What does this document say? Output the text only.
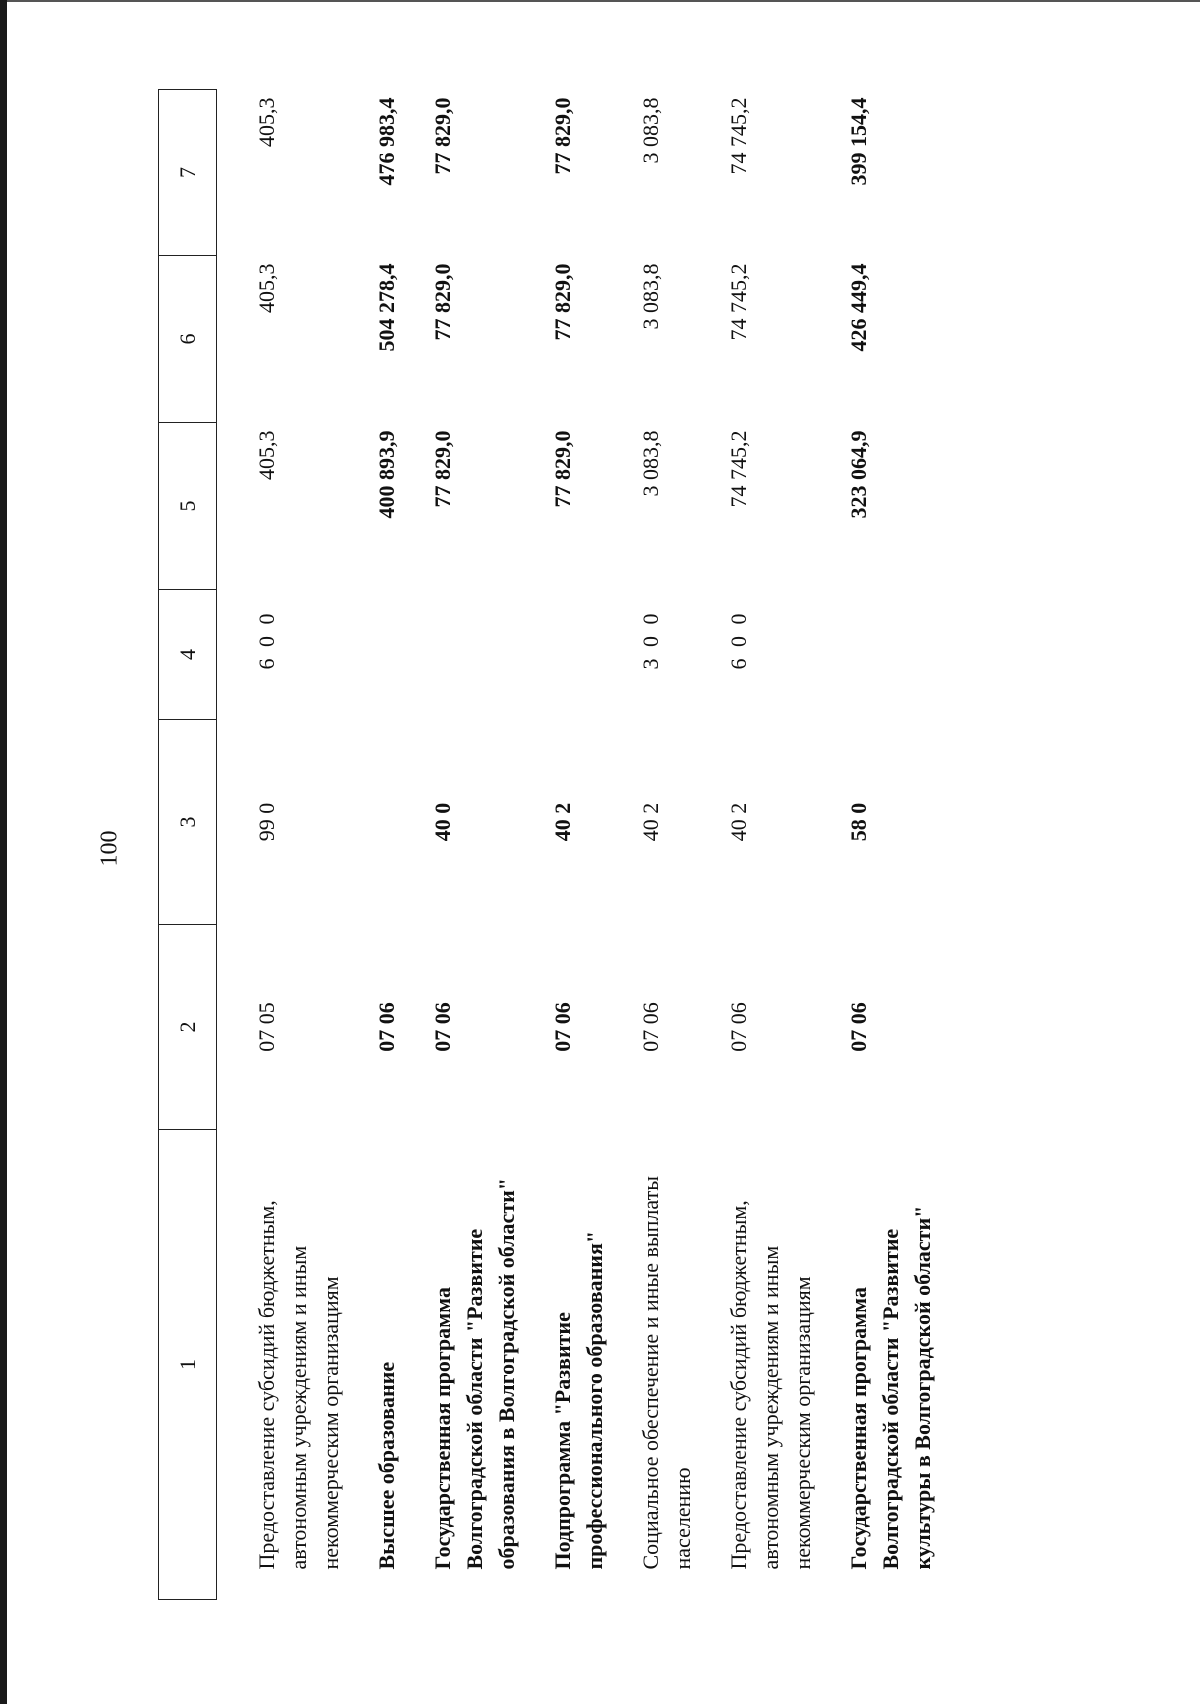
100
1	2	3	4	5	6	7
Предоставление субсидий бюджетным, автономным учреждениям и иным некоммерческим организациям	07 05	99 0	6 0 0	405,3	405,3	405,3
Высшее образование	07 06			400 893,9	504 278,4	476 983,4
Государственная программа Волгоградской области "Развитие образования в Волгоградской области"	07 06	40 0		77 829,0	77 829,0	77 829,0
Подпрограмма "Развитие профессионального образования"	07 06	40 2		77 829,0	77 829,0	77 829,0
Социальное обеспечение и иные выплаты населению	07 06	40 2	3 0 0	3 083,8	3 083,8	3 083,8
Предоставление субсидий бюджетным, автономным учреждениям и иным некоммерческим организациям	07 06	40 2	6 0 0	74 745,2	74 745,2	74 745,2
Государственная программа Волгоградской области "Развитие культуры в Волгоградской области"	07 06	58 0		323 064,9	426 449,4	399 154,4
